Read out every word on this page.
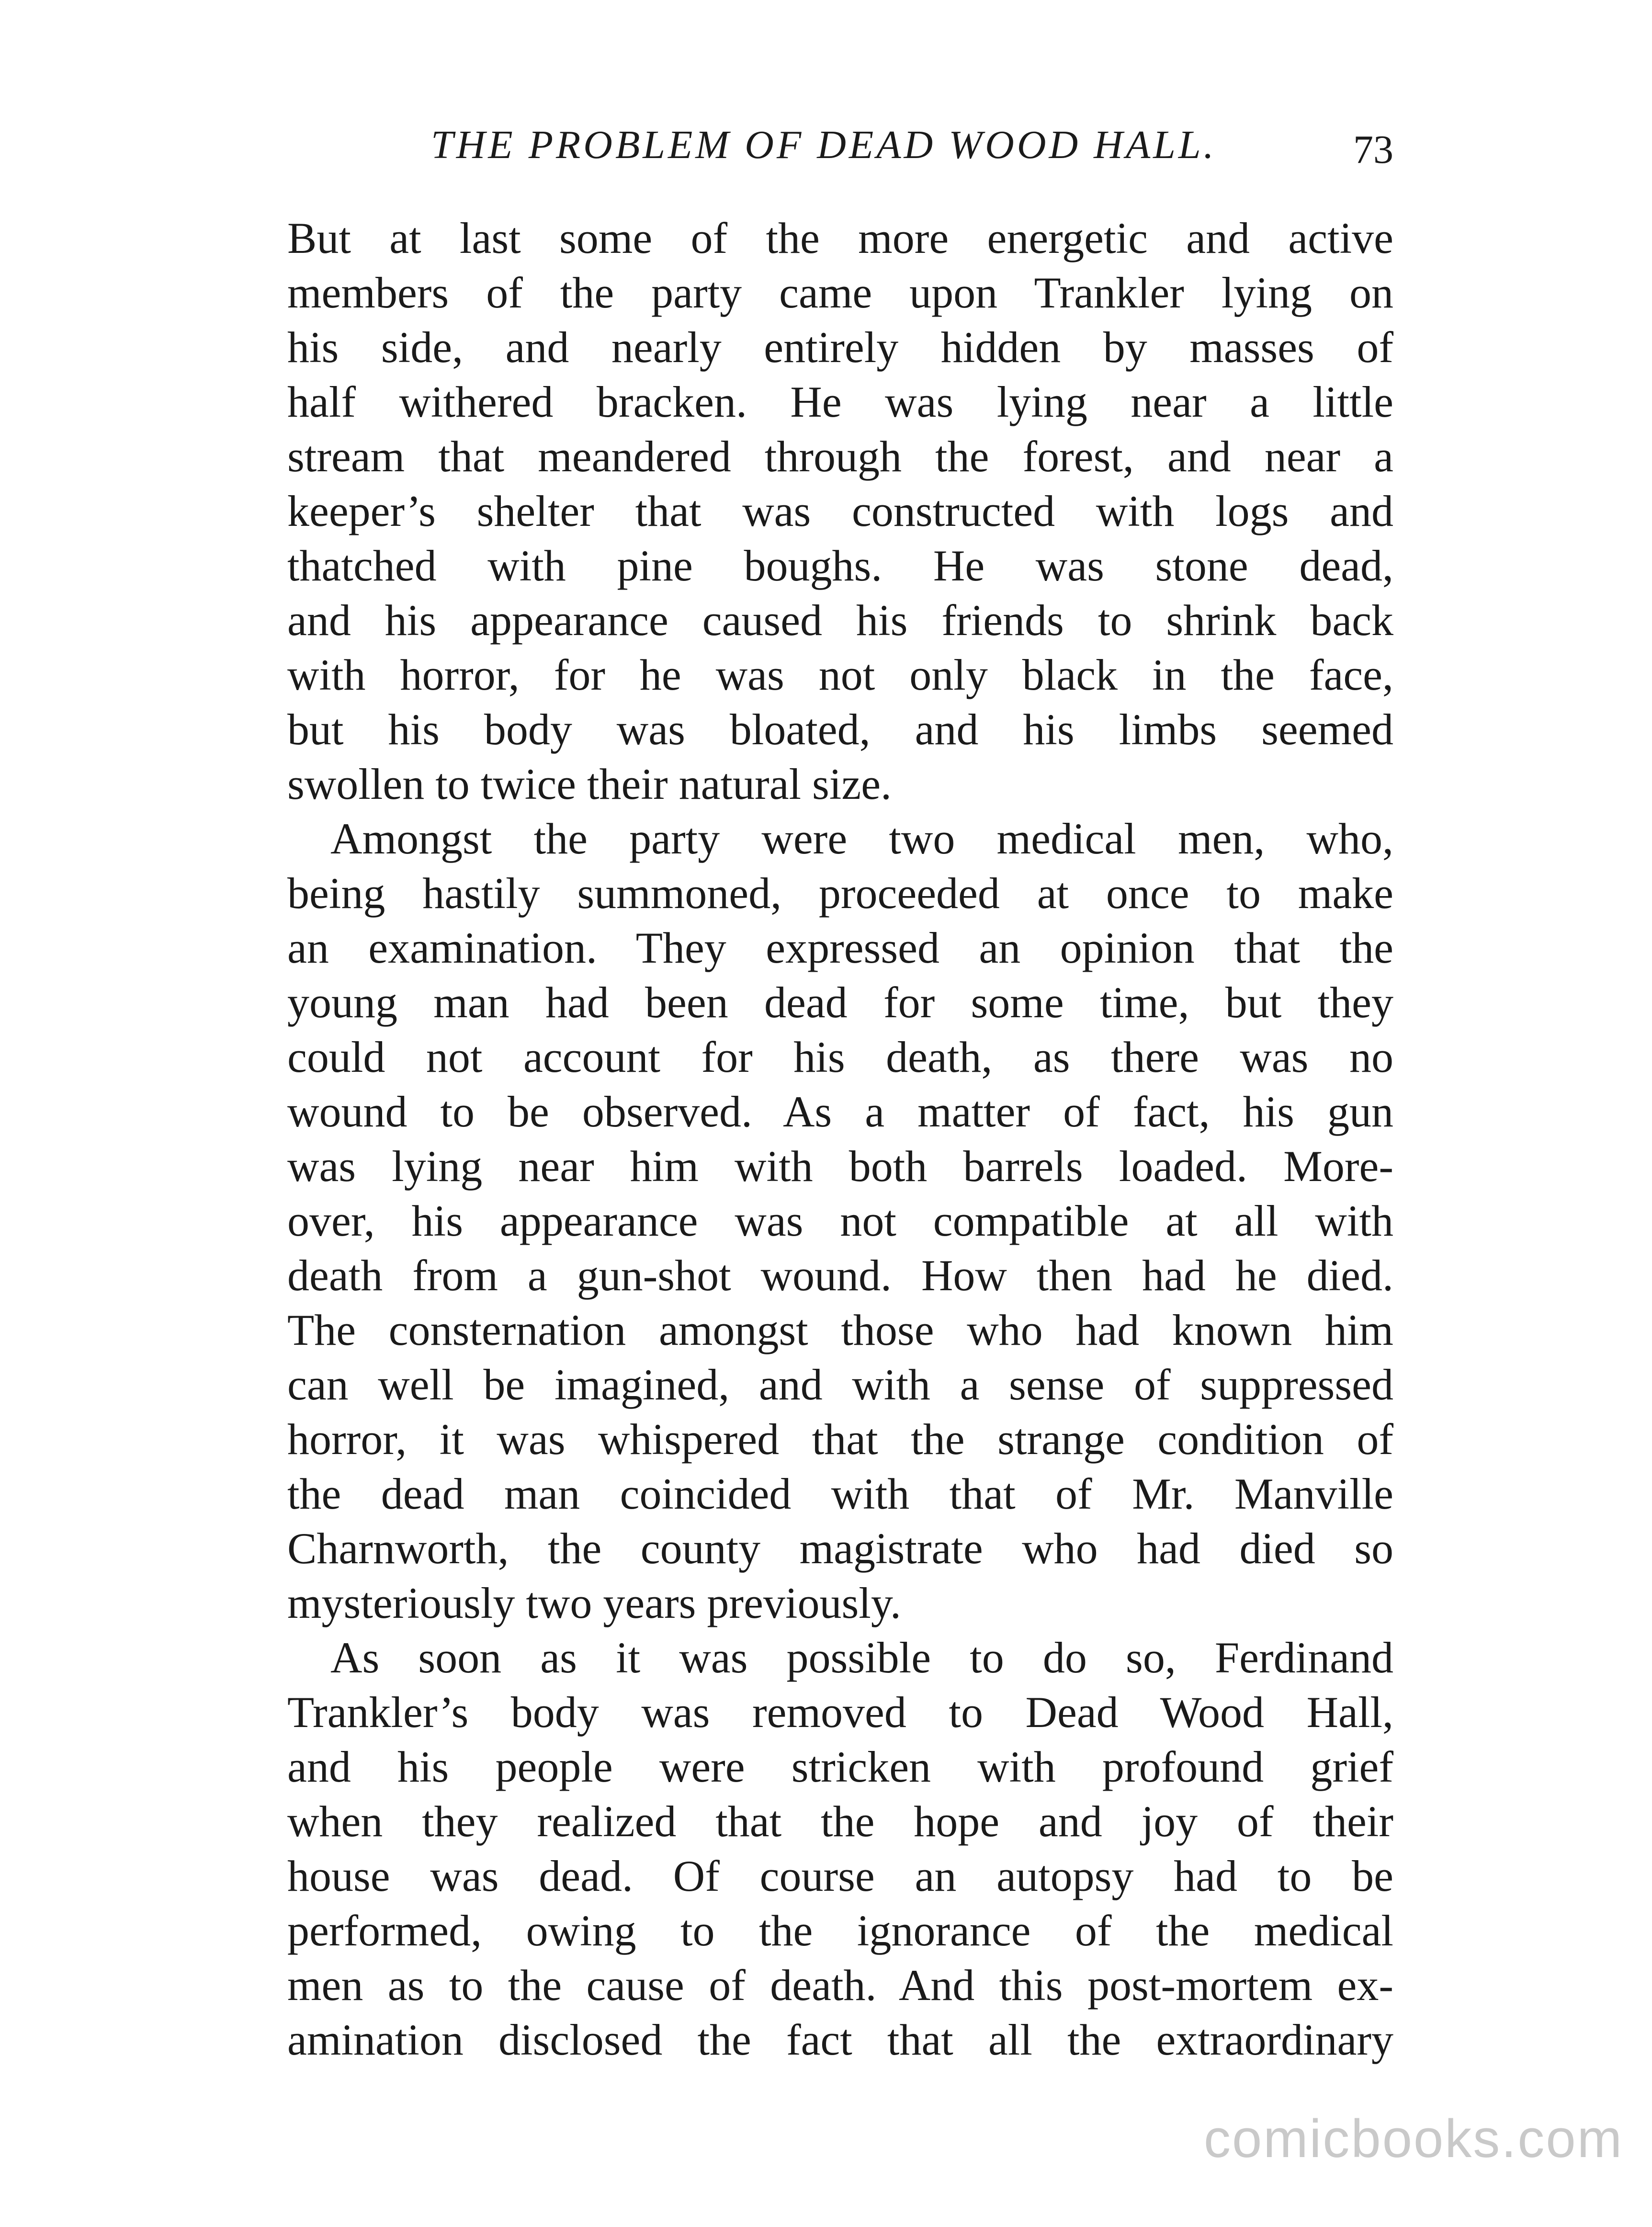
THE PROBLEM OF DEAD WOOD HALL.	73
But at last some of the more energetic and active
members of the party came upon Trankler lying on
his side, and nearly entirely hidden by masses of
half withered bracken. He was lying near a little
stream that meandered through the forest, and near a
keeper’s shelter that was constructed with logs and
thatched with pine boughs. He was stone dead,
and his appearance caused his friends to shrink back
with horror, for he was not only black in the face,
but his body was bloated, and his limbs seemed
swollen to twice their natural size.
Amongst the party were two medical men, who,
being hastily summoned, proceeded at once to make
an examination. They expressed an opinion that the
young man had been dead for some time, but they
could not account for his death, as there was no
wound to be observed. As a matter of fact, his gun
was lying near him with both barrels loaded. More-
over, his appearance was not compatible at all with
death from a gun-shot wound. How then had he died.
The consternation amongst those who had known him
can well be imagined, and with a sense of suppressed
horror, it was whispered that the strange condition of
the dead man coincided with that of Mr. Manville
Charnworth, the county magistrate who had died so
mysteriously two years previously.
As soon as it was possible to do so, Ferdinand
Trankler’s body was removed to Dead Wood Hall,
and his people were stricken with profound grief
when they realized that the hope and joy of their
house was dead. Of course an autopsy had to be
performed, owing to the ignorance of the medical
men as to the cause of death. And this post-mortem ex-
amination disclosed the fact that all the extraordinary
comicbooks.com
